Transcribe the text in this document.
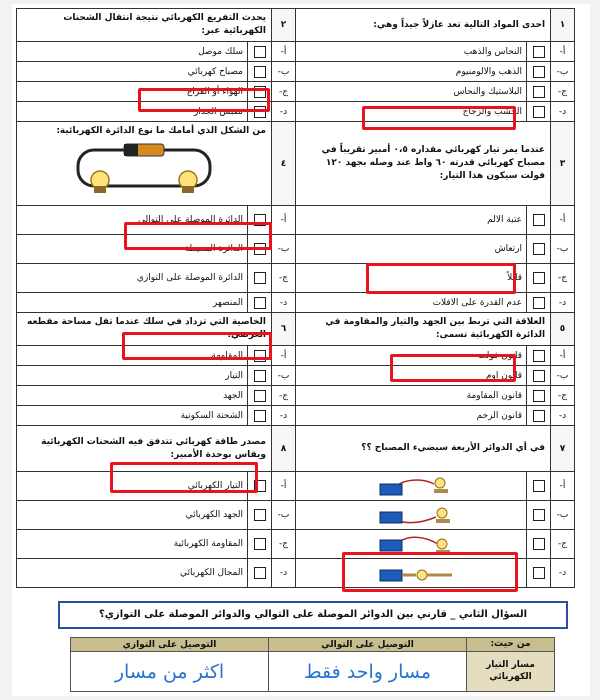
١	احدى المواد التالية تعد عازلاً جيداً وهي:		٢	يحدث التفريغ الكهربائي نتيجة انتقال الشحنات الكهربائية عبر:	
أ-		النحاس والذهب	أ-		سلك موصل
ب-		الذهب والالومنيوم	ب-		مصباح كهربائي
ج-		البلاستيك والنحاس	ج-		الهواء أو الفراغ
د-		الخشب والزجاج	د-		مقبس الجدار
٣	عندما يمر تيار كهربائي مقداره ٠،٥ أمبير تقريباً في مصباح كهربائي قدرته ٦٠ واط عند وصله بجهد ١٢٠ فولت سيكون هذا التيار:		٤	من الشكل الذي أمامك ما نوع الدائرة الكهربائية:	

أ-		عتبة الالم	أ-		الدائرة الموصلة على التوالي
ب-		ارتعاش	ب-		الدائرة البسيطة
ج-		قاتلاً	ج-		الدائرة الموصلة على التوازي
د-		عدم القدرة على الافلات	د-		المنصهر
٥	العلاقة التي تربط بين الجهد والتيار والمقاومة في الدائرة الكهربائية تسمى:		٦	الخاصية التي تزداد في سلك عندما تقل مساحة مقطعه العرضي:	
أ-		قانون فولت	أ-		المقاومة
ب-		قانون اوم	ب-		التيار
ج-		قانون المقاومة	ج-		الجهد
د-		قانون الزخم	د-		الشحنة السكونية
٧	في أي الدوائر الأربعة سيضيء المصباح ؟؟		٨	مصدر طاقة كهربائي تتدفق فيه الشحنات الكهربائية ويقاس بوحدة الأمبير:	
أ-			أ-		التيار الكهربائي
ب-			ب-		الجهد الكهربائي
ج-			ج-		المقاومة الكهربائية
د-			د-		المجال الكهربائي
السؤال الثاني _ قارني بين الدوائر الموصلة على التوالي والدوائر الموصلة على التوازي؟
من حيث:	التوصيل على التوالي	التوصيل على التوازي
مسار التيار الكهربائي	مسار واحد فقط	اكثر من مسار
